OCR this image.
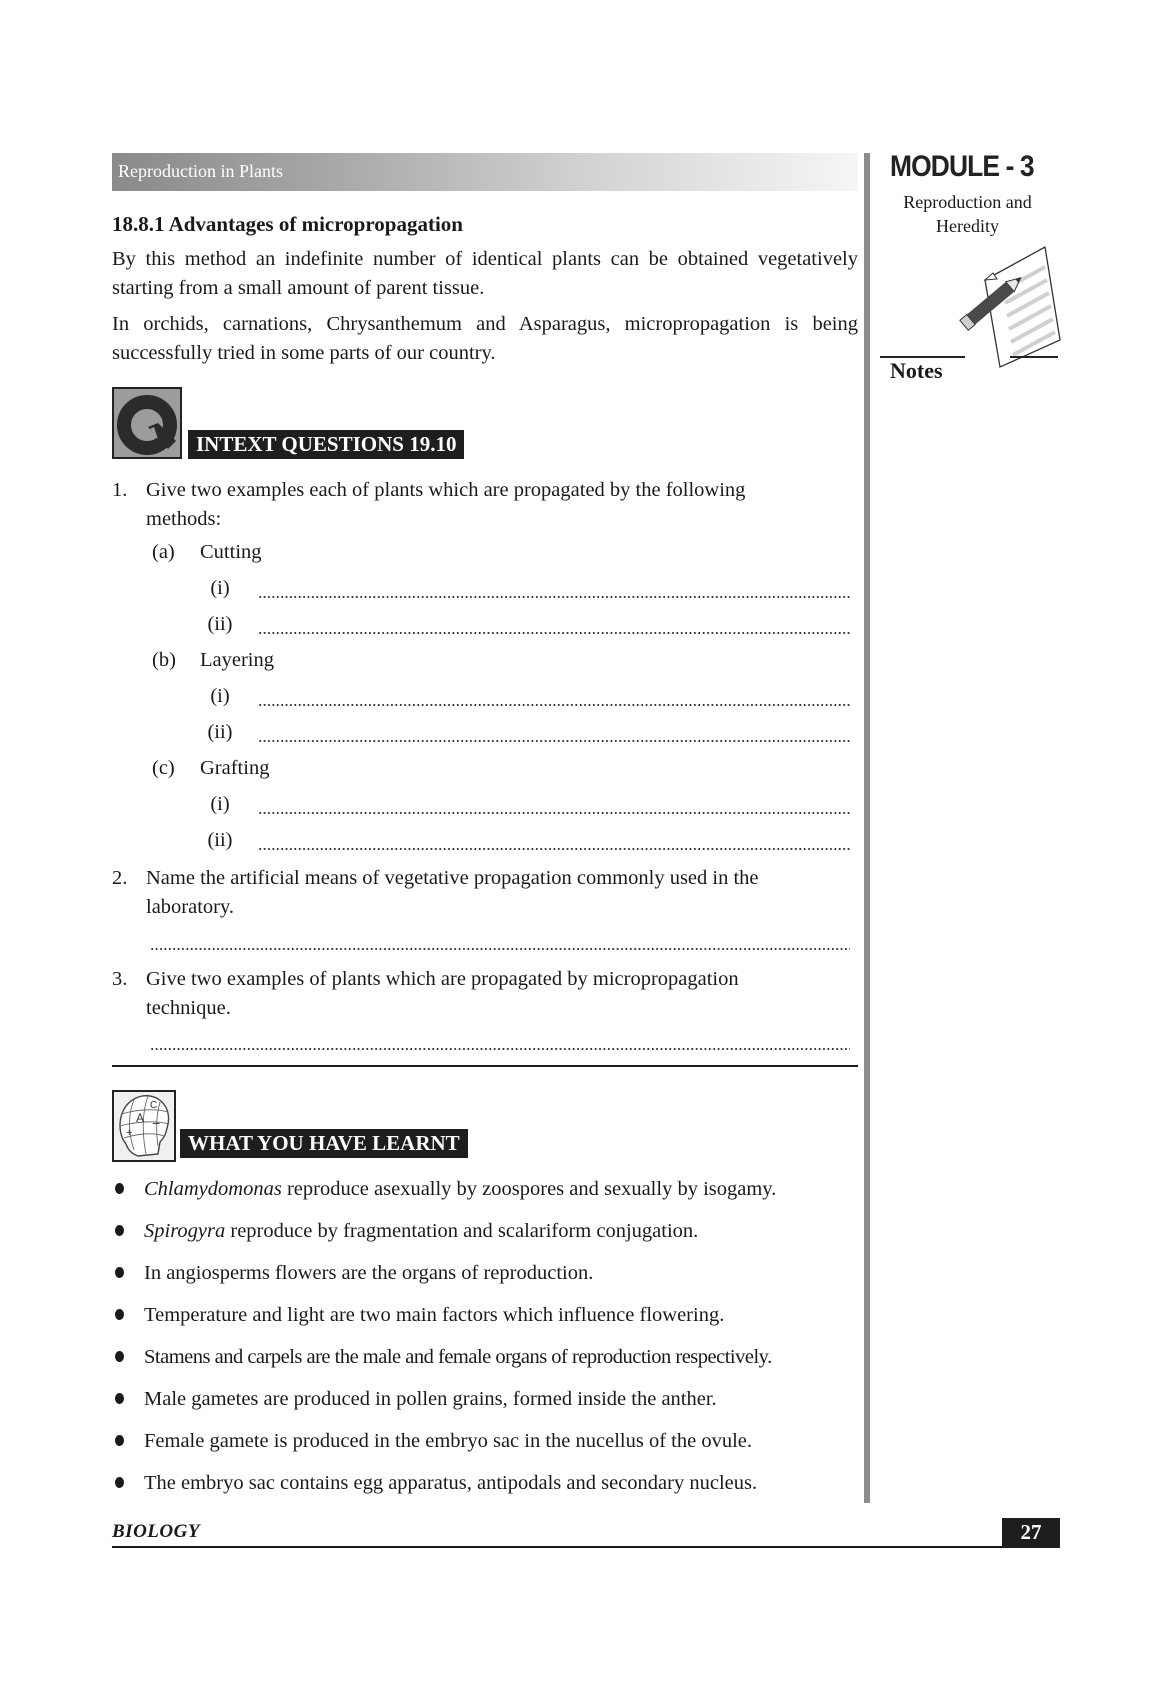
Reproduction in Plants	MODULE - 3
Reproduction and
Heredity
Notes
18.8.1 Advantages of micropropagation
By this method an indefinite number of identical plants can be obtained vegetatively starting from a small amount of parent tissue.
In orchids, carnations, Chrysanthemum and Asparagus, micropropagation is being successfully tried in some parts of our country.
INTEXT QUESTIONS 19.10
1. Give two examples each of plants which are propagated by the following
methods:
(a) Cutting
(i)
(ii)
(b) Layering
(i)
(ii)
(c) Grafting
(i)
(ii)
2. Name the artificial means of vegetative propagation commonly used in the
laboratory.
3. Give two examples of plants which are propagated by micropropagation
technique.
A −
+
C
WHAT YOU HAVE LEARNT
Chlamydomonas reproduce asexually by zoospores and sexually by isogamy.
Spirogyra reproduce by fragmentation and scalariform conjugation.
In angiosperms flowers are the organs of reproduction.
Temperature and light are two main factors which influence flowering.
Stamens and carpels are the male and female organs of reproduction respectively.
Male gametes are produced in pollen grains, formed inside the anther.
Female gamete is produced in the embryo sac in the nucellus of the ovule.
The embryo sac contains egg apparatus, antipodals and secondary nucleus.
BIOLOGY	27
